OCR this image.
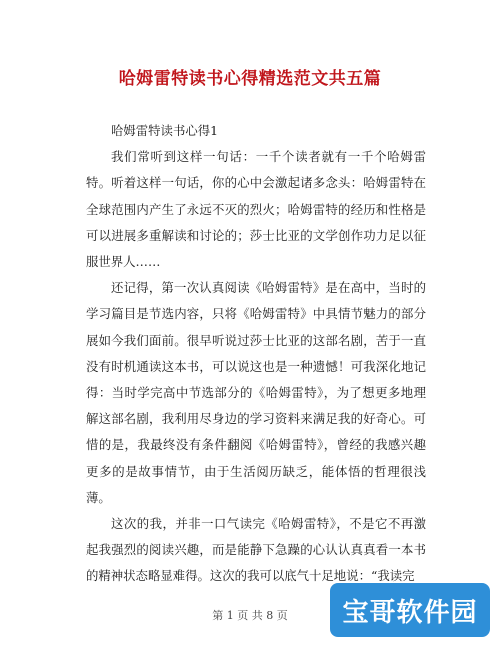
哈姆雷特读书心得精选范文共五篇

哈姆雷特读书心得1

我们常听到这样一句话：一千个读者就有一千个哈姆雷特。听着这样一句话，你的心中会激起诸多念头：哈姆雷特在全球范围内产生了永远不灭的烈火；哈姆雷特的经历和性格是可以进展多重解读和讨论的；莎士比亚的文学创作功力足以征服世界人……

还记得，第一次认真阅读《哈姆雷特》是在高中，当时的学习篇目是节选内容，只将《哈姆雷特》中具情节魅力的部分展如今我们面前。很早听说过莎士比亚的这部名剧，苦于一直没有时机通读这本书，可以说这也是一种遗憾！可我深化地记得：当时学完高中节选部分的《哈姆雷特》，为了想更多地理解这部名剧，我利用尽身边的学习资料来满足我的好奇心。可惜的是，我最终没有条件翻阅《哈姆雷特》，曾经的我感兴趣更多的是故事情节，由于生活阅历缺乏，能体悟的哲理很浅薄。

这次的我，并非一口气读完《哈姆雷特》，不是它不再激起我强烈的阅读兴趣，而是能静下急躁的心认认真真看一本书的精神状态略显难得。这次的我可以底气十足地说：“我读完

第 1 页 共 8 页	宝哥软件园
